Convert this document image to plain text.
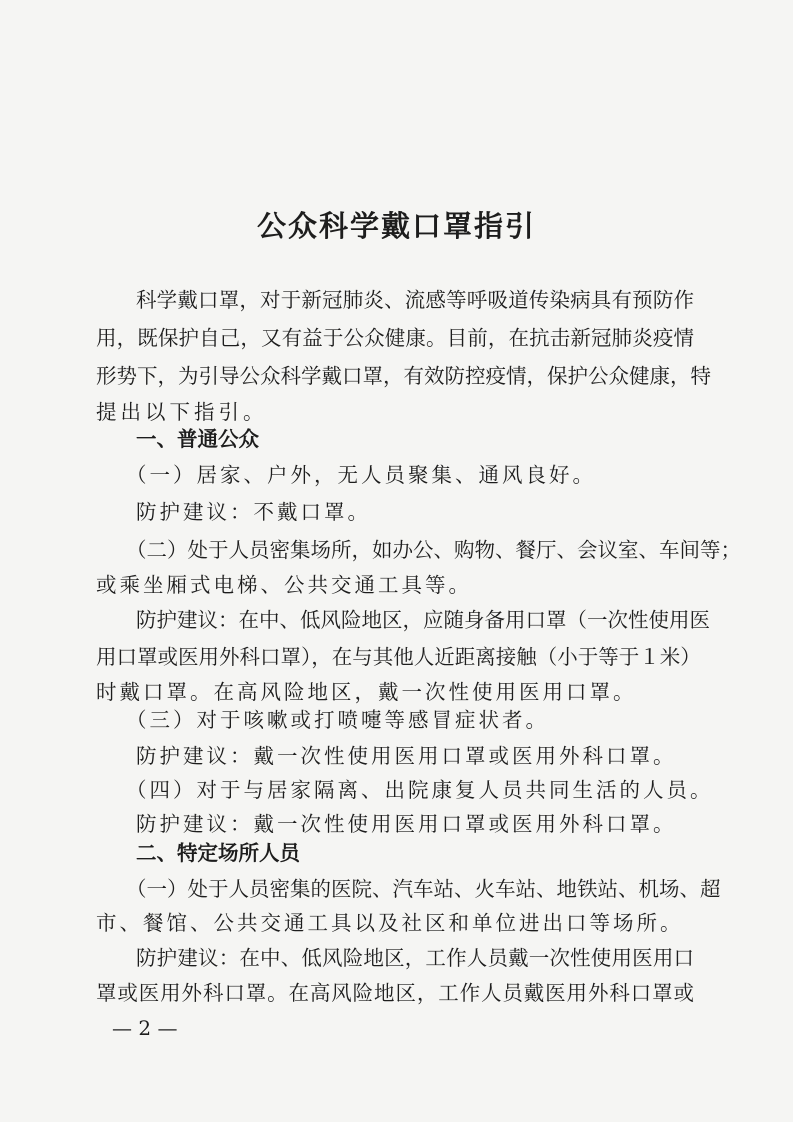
公众科学戴口罩指引

科学戴口罩，对于新冠肺炎、流感等呼吸道传染病具有预防作

用，既保护自己，又有益于公众健康。目前，在抗击新冠肺炎疫情

形势下，为引导公众科学戴口罩，有效防控疫情，保护公众健康，特

提出以下指引。

一、普通公众

（一）居家、户外，无人员聚集、通风良好。

防护建议：不戴口罩。

（二）处于人员密集场所，如办公、购物、餐厅、会议室、车间等；

或乘坐厢式电梯、公共交通工具等。

防护建议：在中、低风险地区，应随身备用口罩（一次性使用医

用口罩或医用外科口罩），在与其他人近距离接触（小于等于１米）

时戴口罩。在高风险地区，戴一次性使用医用口罩。

（三）对于咳嗽或打喷嚏等感冒症状者。

防护建议：戴一次性使用医用口罩或医用外科口罩。

（四）对于与居家隔离、出院康复人员共同生活的人员。

防护建议：戴一次性使用医用口罩或医用外科口罩。

二、特定场所人员

（一）处于人员密集的医院、汽车站、火车站、地铁站、机场、超

市、餐馆、公共交通工具以及社区和单位进出口等场所。

防护建议：在中、低风险地区，工作人员戴一次性使用医用口

罩或医用外科口罩。在高风险地区，工作人员戴医用外科口罩或

— 2 —
